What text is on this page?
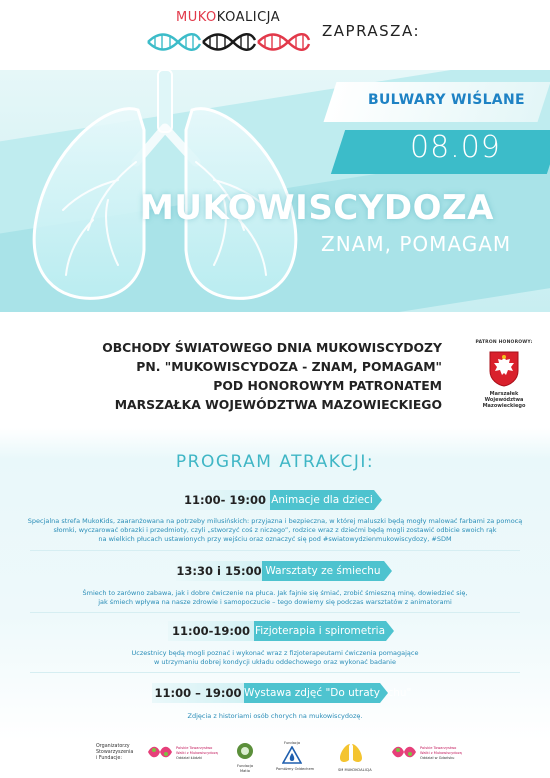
MUKOKOALICJA
ZAPRASZA:
BULWARY WIŚLANE
08.09
MUKOWISCYDOZA
ZNAM, POMAGAM
OBCHODY ŚWIATOWEGO DNIA MUKOWISCYDOZY
PN. "MUKOWISCYDOZA - ZNAM, POMAGAM"
POD HONOROWYM PATRONATEM
MARSZAŁKA WOJEWÓDZTWA MAZOWIECKIEGO
PATRON HONOROWY:
Marszałek
Województwa Mazowieckiego
PROGRAM ATRAKCJI:
11:00- 19:00 Animacje dla dzieci
Specjalna strefa MukoKids, zaaranżowana na potrzeby milusińskich: przyjazna i bezpieczna, w której maluszki będą mogły malować farbami za pomocą
słomki, wyczarować obrazki i przedmioty, czyli „stworzyć coś z niczego”, rodzice wraz z dziećmi będą mogli zostawić odbicie swoich rąk
na wielkich płucach ustawionych przy wejściu oraz oznaczyć się pod #swiatowydzienmukowiscydozy, #SDM
13:30 i 15:00 Warsztaty ze śmiechu
Śmiech to zarówno zabawa, jak i dobre ćwiczenie na płuca. Jak fajnie się śmiać, zrobić śmieszną minę, dowiedzieć się,
jak śmiech wpływa na nasze zdrowie i samopoczucie – tego dowiemy się podczas warsztatów z animatorami
11:00-19:00 Fizjoterapia i spirometria
Uczestnicy będą mogli poznać i wykonać wraz z fizjoterapeutami ćwiczenia pomagające
w utrzymaniu dobrej kondycji układu oddechowego oraz wykonać badanie
11:00 – 19:00 Wystawa zdjęć "Do utraty tchu"
Zdjęcia z historiami osób chorych na mukowiscydozę.
Organizatorzy
Stowarzyszenia
i Fundacje:
Polskie Towarzystwo
Walki z Mukowiscydozą
Oddział Łódzki
Fundacja
Matio
Fundacja
Pomóżmy Oddechem	SM MUKOKOALICJA
Polskie Towarzystwo
Walki z Mukowiscydozą
Oddział w Gdańsku
